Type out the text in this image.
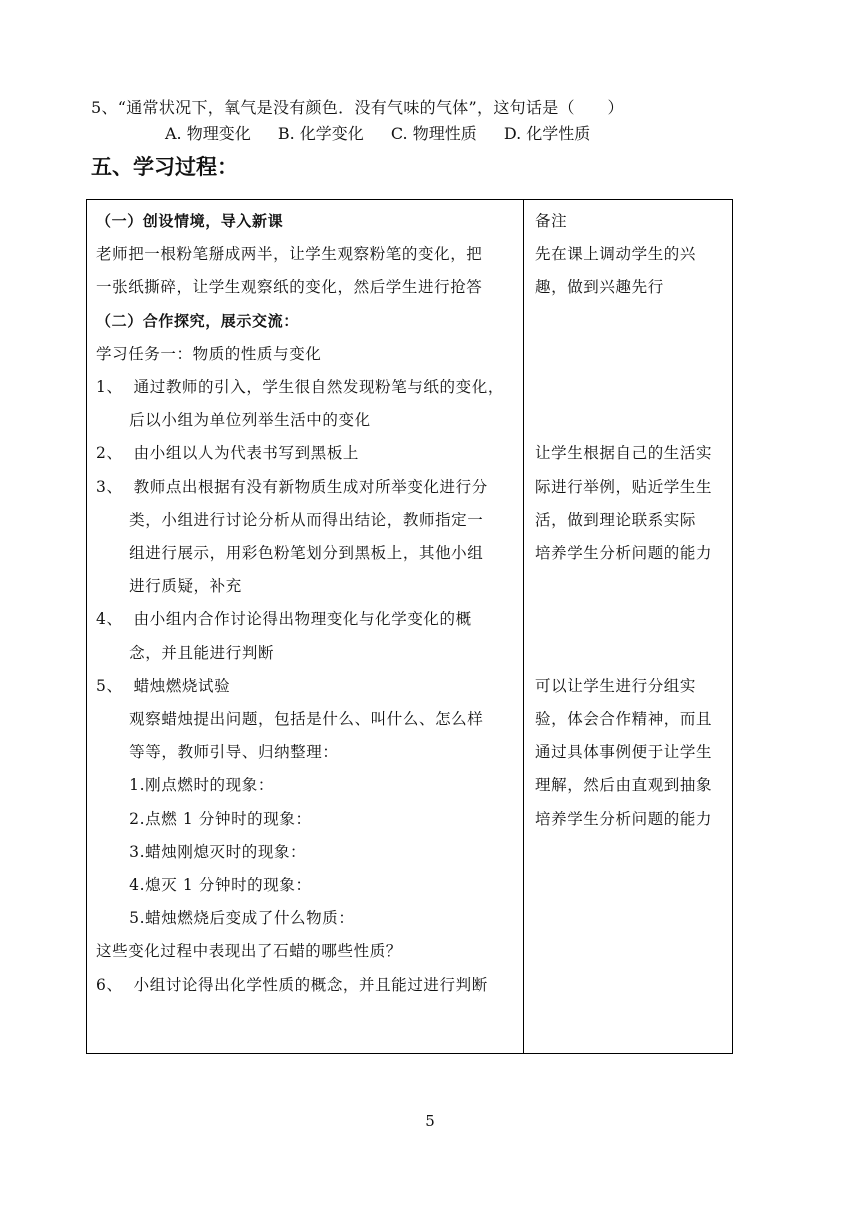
5、“通常状况下，氧气是没有颜色．没有气味的气体”，这句话是（　　）
A. 物理变化 B. 化学变化 C. 物理性质 D. 化学性质
五、学习过程：
（一）创设情境，导入新课
老师把一根粉笔掰成两半，让学生观察粉笔的变化，把
一张纸撕碎，让学生观察纸的变化，然后学生进行抢答
（二）合作探究，展示交流：
学习任务一：物质的性质与变化
1、  通过教师的引入，学生很自然发现粉笔与纸的变化，
后以小组为单位列举生活中的变化
2、  由小组以人为代表书写到黑板上
3、  教师点出根据有没有新物质生成对所举变化进行分
类，小组进行讨论分析从而得出结论，教师指定一
组进行展示，用彩色粉笔划分到黑板上，其他小组
进行质疑，补充
4、  由小组内合作讨论得出物理变化与化学变化的概
念，并且能进行判断
5、  蜡烛燃烧试验
观察蜡烛提出问题，包括是什么、叫什么、怎么样
等等，教师引导、归纳整理：
1.刚点燃时的现象：
2.点燃 1 分钟时的现象：
3.蜡烛刚熄灭时的现象：
4.熄灭 1 分钟时的现象：
5.蜡烛燃烧后变成了什么物质：
这些变化过程中表现出了石蜡的哪些性质？
6、  小组讨论得出化学性质的概念，并且能过进行判断
备注
先在课上调动学生的兴
趣，做到兴趣先行
让学生根据自己的生活实
际进行举例，贴近学生生
活，做到理论联系实际
培养学生分析问题的能力
可以让学生进行分组实
验，体会合作精神，而且
通过具体事例便于让学生
理解，然后由直观到抽象
培养学生分析问题的能力
5
